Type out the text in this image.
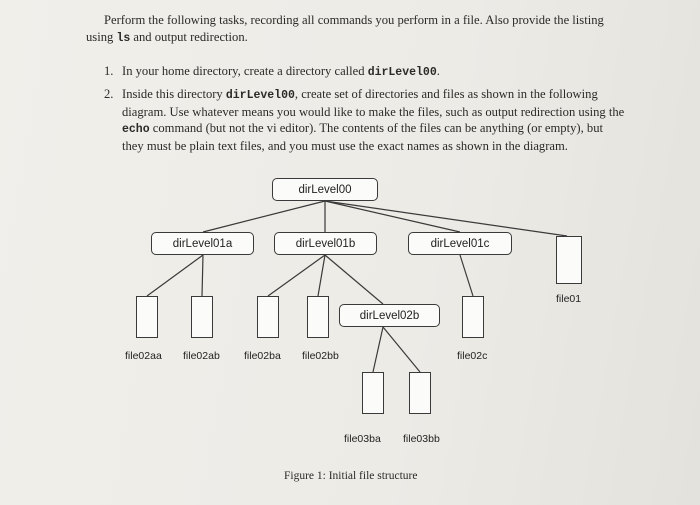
Perform the following tasks, recording all commands you perform in a file. Also provide the listing using ls and output redirection.

1. In your home directory, create a directory called dirLevel00.
2. Inside this directory dirLevel00, create set of directories and files as shown in the following diagram. Use whatever means you would like to make the files, such as output redirection using the echo command (but not the vi editor). The contents of the files can be anything (or empty), but they must be plain text files, and you must use the exact names as shown in the diagram.
dirLevel00
dirLevel01a	dirLevel01b	dirLevel01c
dirLevel02b
file02aa file02ab file02ba file02bb	file02c
file01
file03ba file03bb
Figure 1: Initial file structure
